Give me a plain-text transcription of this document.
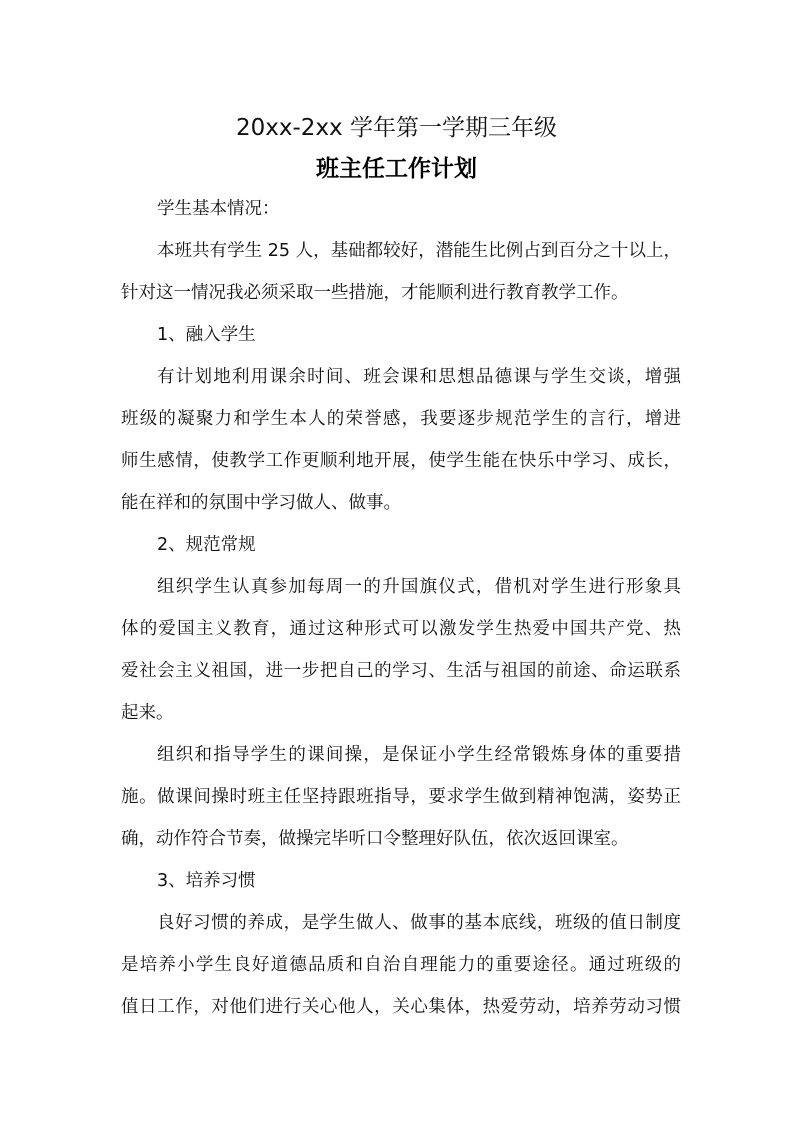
20xx-2xx 学年第一学期三年级
班主任工作计划
学生基本情况：
本班共有学生 25 人，基础都较好，潜能生比例占到百分之十以上，
针对这一情况我必须采取一些措施，才能顺利进行教育教学工作。
1、融入学生
有计划地利用课余时间、班会课和思想品德课与学生交谈，增强
班级的凝聚力和学生本人的荣誉感，我要逐步规范学生的言行，增进
师生感情，使教学工作更顺利地开展，使学生能在快乐中学习、成长，
能在祥和的氛围中学习做人、做事。
2、规范常规
组织学生认真参加每周一的升国旗仪式，借机对学生进行形象具
体的爱国主义教育，通过这种形式可以激发学生热爱中国共产党、热
爱社会主义祖国，进一步把自己的学习、生活与祖国的前途、命运联系
起来。
组织和指导学生的课间操，是保证小学生经常锻炼身体的重要措
施。做课间操时班主任坚持跟班指导，要求学生做到精神饱满，姿势正
确，动作符合节奏，做操完毕听口令整理好队伍，依次返回课室。
3、培养习惯
良好习惯的养成，是学生做人、做事的基本底线，班级的值日制度
是培养小学生良好道德品质和自治自理能力的重要途径。通过班级的
值日工作，对他们进行关心他人，关心集体，热爱劳动，培养劳动习惯
